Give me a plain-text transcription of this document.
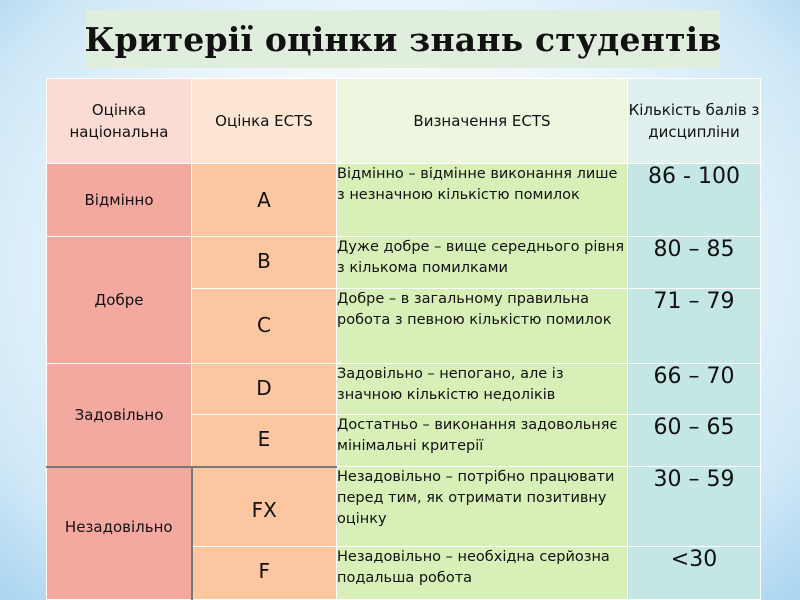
Критерії оцінки знань студентів
Оцінка національна	Оцінка ECTS	Визначення ECTS	Кількість балів з дисципліни
Відмінно	A	Відмінно – відмінне виконання лише з незначною кількістю помилок	86 - 100
Добре	B	Дуже добре – вище середнього рівня з кількома помилками	80 – 85
	C	Добре – в загальному правильна робота з певною кількістю помилок	71 – 79
Задовільно	D	Задовільно – непогано, але із значною кількістю недоліків	66 – 70
	E	Достатньо – виконання задовольняє мінімальні критерії	60 – 65
Незадовільно	FX	Незадовільно – потрібно працювати перед тим, як отримати позитивну оцінку	30 – 59
	F	Незадовільно – необхідна серйозна подальша робота	<30
